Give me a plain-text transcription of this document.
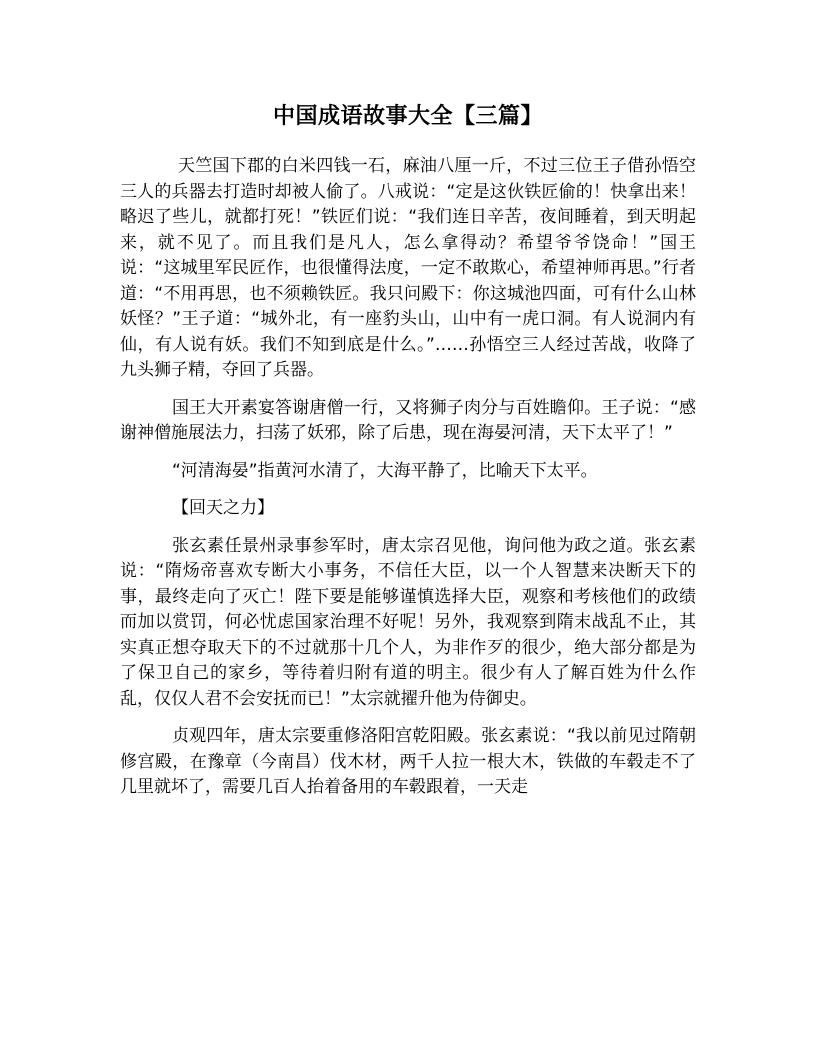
中国成语故事大全【三篇】

天竺国下郡的白米四钱一石，麻油八厘一斤，不过三位王子借孙悟空三人的兵器去打造时却被人偷了。八戒说：“定是这伙铁匠偷的！快拿出来！略迟了些儿，就都打死！”铁匠们说：“我们连日辛苦，夜间睡着，到天明起来，就不见了。而且我们是凡人，怎么拿得动？希望爷爷饶命！”国王说：“这城里军民匠作，也很懂得法度，一定不敢欺心，希望神师再思。”行者道：“不用再思，也不须赖铁匠。我只问殿下：你这城池四面，可有什么山林妖怪？”王子道：“城外北，有一座豹头山，山中有一虎口洞。有人说洞内有仙，有人说有妖。我们不知到底是什么。”……孙悟空三人经过苦战，收降了九头狮子精，夺回了兵器。

国王大开素宴答谢唐僧一行，又将狮子肉分与百姓瞻仰。王子说：“感谢神僧施展法力，扫荡了妖邪，除了后患，现在海晏河清，天下太平了！”

“河清海晏”指黄河水清了，大海平静了，比喻天下太平。

【回天之力】

张玄素任景州录事参军时，唐太宗召见他，询问他为政之道。张玄素说：“隋炀帝喜欢专断大小事务，不信任大臣，以一个人智慧来决断天下的事，最终走向了灭亡！陛下要是能够谨慎选择大臣，观察和考核他们的政绩而加以赏罚，何必忧虑国家治理不好呢！另外，我观察到隋末战乱不止，其实真正想夺取天下的不过就那十几个人，为非作歹的很少，绝大部分都是为了保卫自己的家乡，等待着归附有道的明主。很少有人了解百姓为什么作乱，仅仅人君不会安抚而已！”太宗就擢升他为侍御史。

贞观四年，唐太宗要重修洛阳宫乾阳殿。张玄素说：“我以前见过隋朝修宫殿，在豫章（今南昌）伐木材，两千人拉一根大木，铁做的车毂走不了几里就坏了，需要几百人抬着备用的车毂跟着，一天走
